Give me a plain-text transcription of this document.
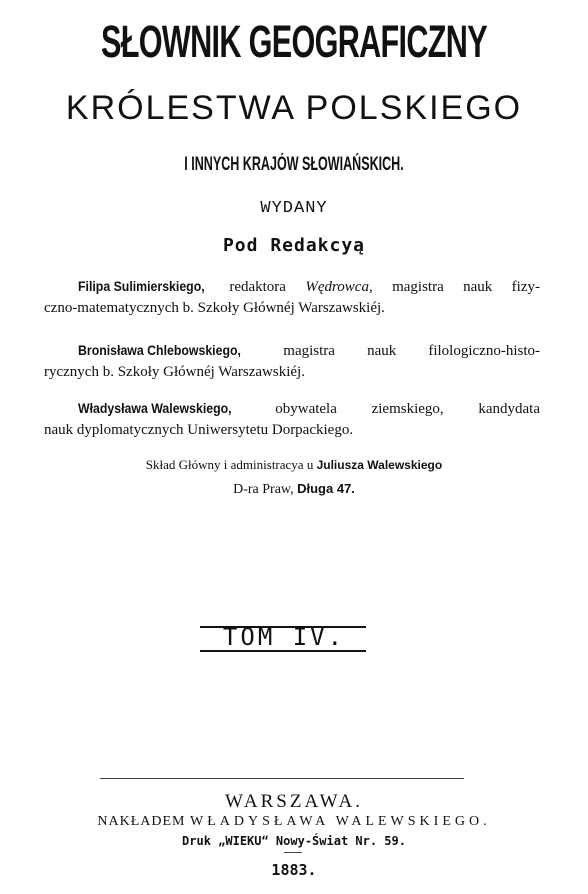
SŁOWNIK GEOGRAFICZNY
KRÓLESTWA POLSKIEGO
I INNYCH KRAJÓW SŁOWIAŃSKICH.
WYDANY
Pod Redakcyą
Filipa Sulimierskiego, redaktora Wędrowca, magistra nauk fizy-
czno-matematycznych b. Szkoły Głównéj Warszawskiéj.
Bronisława Chlebowskiego, magistra nauk filologiczno-histo-
rycznych b. Szkoły Głównéj Warszawskiéj.
Władysława Walewskiego, obywatela ziemskiego, kandydata
nauk dyplomatycznych Uniwersytetu Dorpackiego.
Skład Główny i administracya u Juliusza Walewskiego
D-ra Praw, Długa 47.
TOM IV.
WARSZAWA.
NAKŁADEM WŁADYSŁAWA WALEWSKIEGO.
Druk „WIEKU“ Nowy-Świat Nr. 59.
1883.
